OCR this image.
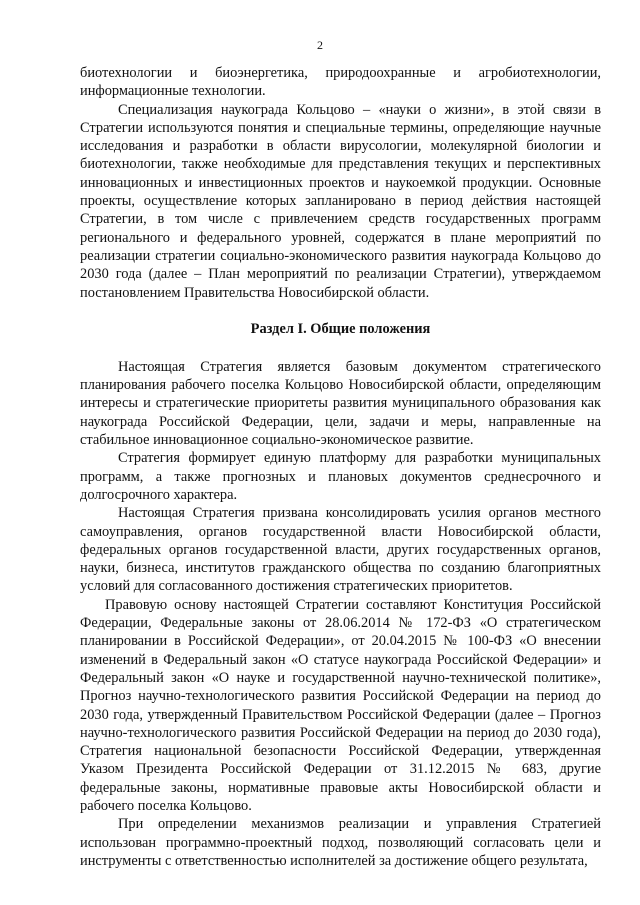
2

биотехнологии и биоэнергетика, природоохранные и агробиотехнологии, информационные технологии.

Специализация наукограда Кольцово – «науки о жизни», в этой связи в Стратегии используются понятия и специальные термины, определяющие научные исследования и разработки в области вирусологии, молекулярной биологии и биотехнологии, также необходимые для представления текущих и перспективных инновационных и инвестиционных проектов и наукоемкой продукции. Основные проекты, осуществление которых запланировано в период действия настоящей Стратегии, в том числе с привлечением средств государственных программ регионального и федерального уровней, содержатся в плане мероприятий по реализации стратегии социально-экономического развития наукограда Кольцово до 2030 года (далее – План мероприятий по реализации Стратегии), утверждаемом постановлением Правительства Новосибирской области.

Раздел I. Общие положения

Настоящая Стратегия является базовым документом стратегического планирования рабочего поселка Кольцово Новосибирской области, определяющим интересы и стратегические приоритеты развития муниципального образования как наукограда Российской Федерации, цели, задачи и меры, направленные на стабильное инновационное социально-экономическое развитие.

Стратегия формирует единую платформу для разработки муниципальных программ, а также прогнозных и плановых документов среднесрочного и долгосрочного характера.

Настоящая Стратегия призвана консолидировать усилия органов местного самоуправления, органов государственной власти Новосибирской области, федеральных органов государственной власти, других государственных органов, науки, бизнеса, институтов гражданского общества по созданию благоприятных условий для согласованного достижения стратегических приоритетов.

Правовую основу настоящей Стратегии составляют Конституция Российской Федерации, Федеральные законы от 28.06.2014 № 172-ФЗ «О стратегическом планировании в Российской Федерации», от 20.04.2015 № 100-ФЗ «О внесении изменений в Федеральный закон «О статусе наукограда Российской Федерации» и Федеральный закон «О науке и государственной научно-технической политике», Прогноз научно-технологического развития Российской Федерации на период до 2030 года, утвержденный Правительством Российской Федерации (далее – Прогноз научно-технологического развития Российской Федерации на период до 2030 года), Стратегия национальной безопасности Российской Федерации, утвержденная Указом Президента Российской Федерации от 31.12.2015 № 683, другие федеральные законы, нормативные правовые акты Новосибирской области и рабочего поселка Кольцово.

При определении механизмов реализации и управления Стратегией использован программно-проектный подход, позволяющий согласовать цели и инструменты с ответственностью исполнителей за достижение общего результата,
